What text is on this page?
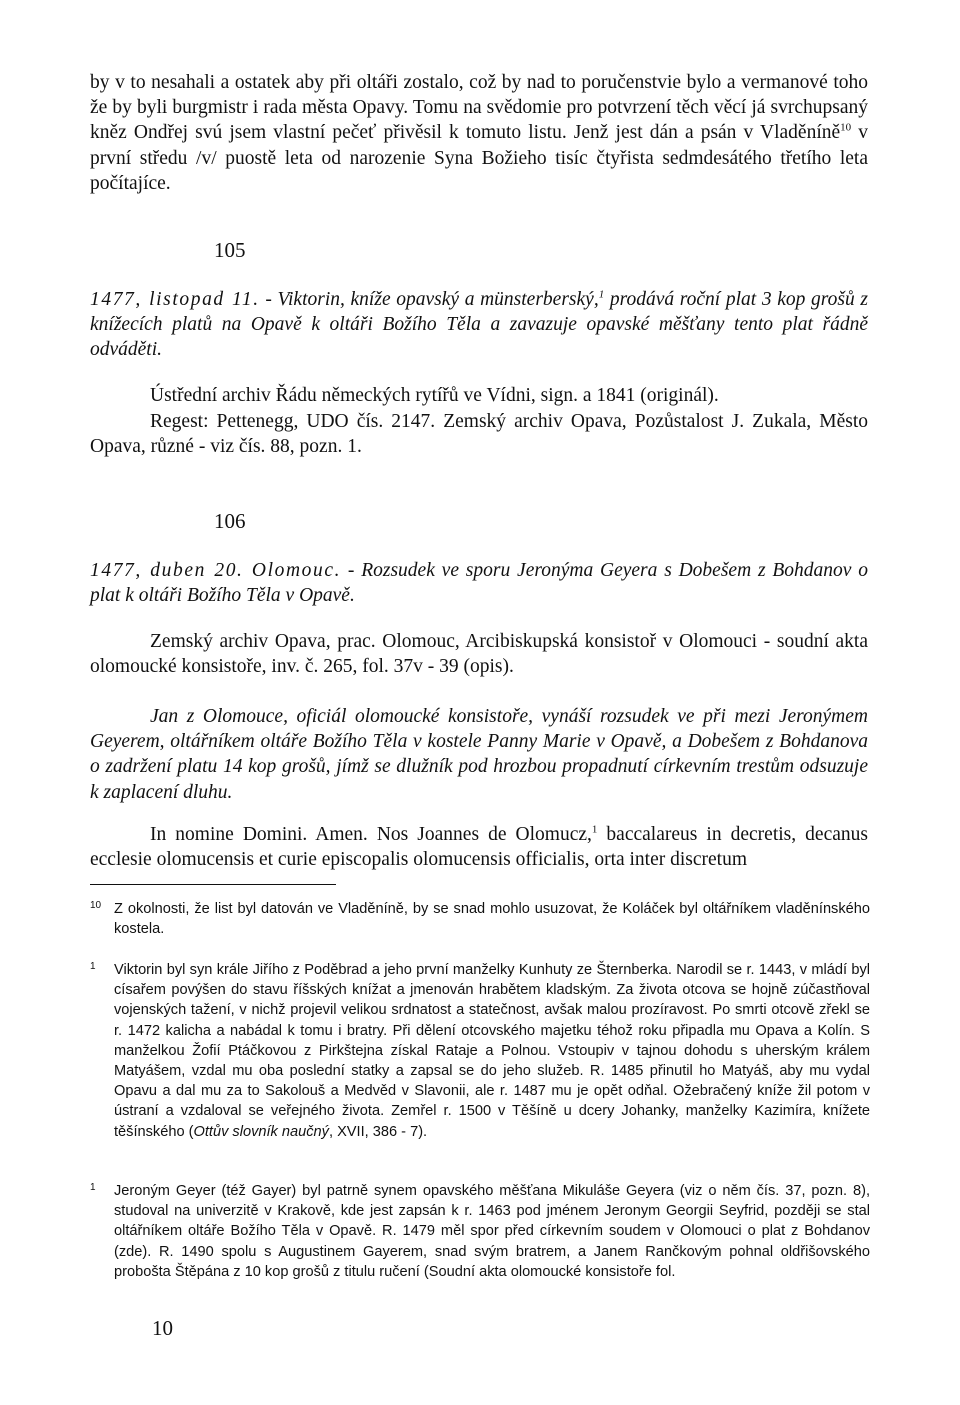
by v to nesahali a ostatek aby při oltáři zostalo, což by nad to poručenstvie bylo a vermanové toho že by byli burgmistr i rada města Opavy. Tomu na svědomie pro potvrzení těch věcí já svrchupsaný kněz Ondřej svú jsem vlastní pečeť přivěsil k tomuto listu. Jenž jest dán a psán v Vladěníně$^{10}$ v první středu /v/ puostě leta od narozenie Syna Božieho tisíc čtyřista sedmdesátého třetího leta počítajíce.

105

1477, listopad 11. - Viktorin, kníže opavský a münsterberský,$^1$ prodává roční plat 3 kop grošů z knížecích platů na Opavě k oltáři Božího Těla a zavazuje opavské měšťany tento plat řádně odváděti.

Ústřední archiv Řádu německých rytířů ve Vídni, sign. a 1841 (originál).

Regest: Pettenegg, UDO čís. 2147. Zemský archiv Opava, Pozůstalost J. Zukala, Město Opava, různé - viz čís. 88, pozn. 1.

106

1477, duben 20. Olomouc. - Rozsudek ve sporu Jeronýma Geyera s Dobešem z Bohdanov o plat k oltáři Božího Těla v Opavě.

Zemský archiv Opava, prac. Olomouc, Arcibiskupská konsistoř v Olomouci - soudní akta olomoucké konsistoře, inv. č. 265, fol. 37v - 39 (opis).

Jan z Olomouce, oficiál olomoucké konsistoře, vynáší rozsudek ve při mezi Jeronýmem Geyerem, oltářníkem oltáře Božího Těla v kostele Panny Marie v Opavě, a Dobešem z Bohdanova o zadržení platu 14 kop grošů, jímž se dlužník pod hrozbou propadnutí církevním trestům odsuzuje k zaplacení dluhu.

In nomine Domini. Amen. Nos Joannes de Olomucz,$^1$ baccalareus in decretis, decanus ecclesie olomucensis et curie episcopalis olomucensis officialis, orta inter discretum

10 Z okolnosti, že list byl datován ve Vladěníně, by se snad mohlo usuzovat, že Koláček byl oltářníkem vladěnínského kostela.
1 Viktorin byl syn krále Jiřího z Poděbrad a jeho první manželky Kunhuty ze Šternberka. Narodil se r. 1443, v mládí byl císařem povýšen do stavu říšských knížat a jmenován hrabětem kladským. Za života otcova se hojně zúčastňoval vojenských tažení, v nichž projevil velikou srdnatost a statečnost, avšak malou prozíravost. Po smrti otcově zřekl se r. 1472 kalicha a nabádal k tomu i bratry. Při dělení otcovského majetku téhož roku připadla mu Opava a Kolín. S manželkou Žofií Ptáčkovou z Pirkštejna získal Rataje a Polnou. Vstoupiv v tajnou dohodu s uherským králem Matyášem, vzdal mu oba poslední statky a zapsal se do jeho služeb. R. 1485 přinutil ho Matyáš, aby mu vydal Opavu a dal mu za to Sakolouš a Medvěd v Slavonii, ale r. 1487 mu je opět odňal. Ožebračený kníže žil potom v ústraní a vzdaloval se veřejného života. Zemřel r. 1500 v Těšíně u dcery Johanky, manželky Kazimíra, knížete těšínského (Ottův slovník naučný, XVII, 386 - 7).
1 Jeroným Geyer (též Gayer) byl patrně synem opavského měšťana Mikuláše Geyera (viz o něm čís. 37, pozn. 8), studoval na univerzitě v Krakově, kde jest zapsán k r. 1463 pod jménem Jeronym Georgii Seyfrid, později se stal oltářníkem oltáře Božího Těla v Opavě. R. 1479 měl spor před církevním soudem v Olomouci o plat z Bohdanov (zde). R. 1490 spolu s Augustinem Gayerem, snad svým bratrem, a Janem Rančkovým pohnal oldřišovského probošta Štěpána z 10 kop grošů z titulu ručení (Soudní akta olomoucké konsistoře fol.
10
